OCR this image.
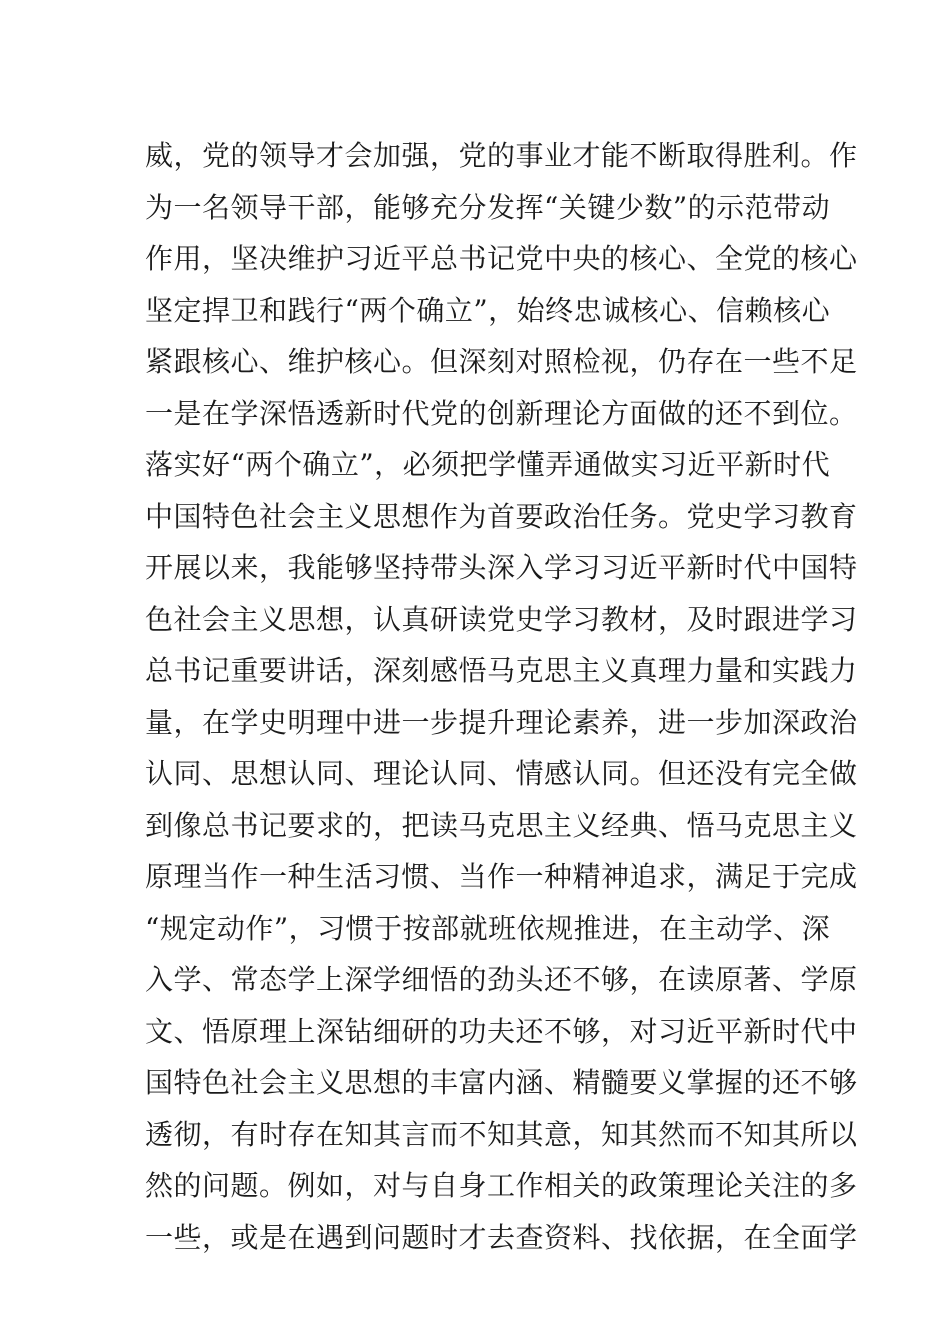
威，党的领导才会加强，党的事业才能不断取得胜利。作
为一名领导干部，能够充分发挥“关键少数”的示范带动
作用，坚决维护习近平总书记党中央的核心、全党的核心
坚定捍卫和践行“两个确立”，始终忠诚核心、信赖核心
紧跟核心、维护核心。但深刻对照检视，仍存在一些不足
一是在学深悟透新时代党的创新理论方面做的还不到位。
落实好“两个确立”，必须把学懂弄通做实习近平新时代
中国特色社会主义思想作为首要政治任务。党史学习教育
开展以来，我能够坚持带头深入学习习近平新时代中国特
色社会主义思想，认真研读党史学习教材，及时跟进学习
总书记重要讲话，深刻感悟马克思主义真理力量和实践力
量，在学史明理中进一步提升理论素养，进一步加深政治
认同、思想认同、理论认同、情感认同。但还没有完全做
到像总书记要求的，把读马克思主义经典、悟马克思主义
原理当作一种生活习惯、当作一种精神追求，满足于完成
“规定动作”，习惯于按部就班依规推进，在主动学、深
入学、常态学上深学细悟的劲头还不够，在读原著、学原
文、悟原理上深钻细研的功夫还不够，对习近平新时代中
国特色社会主义思想的丰富内涵、精髓要义掌握的还不够
透彻，有时存在知其言而不知其意，知其然而不知其所以
然的问题。例如，对与自身工作相关的政策理论关注的多
一些，或是在遇到问题时才去查资料、找依据，在全面学
